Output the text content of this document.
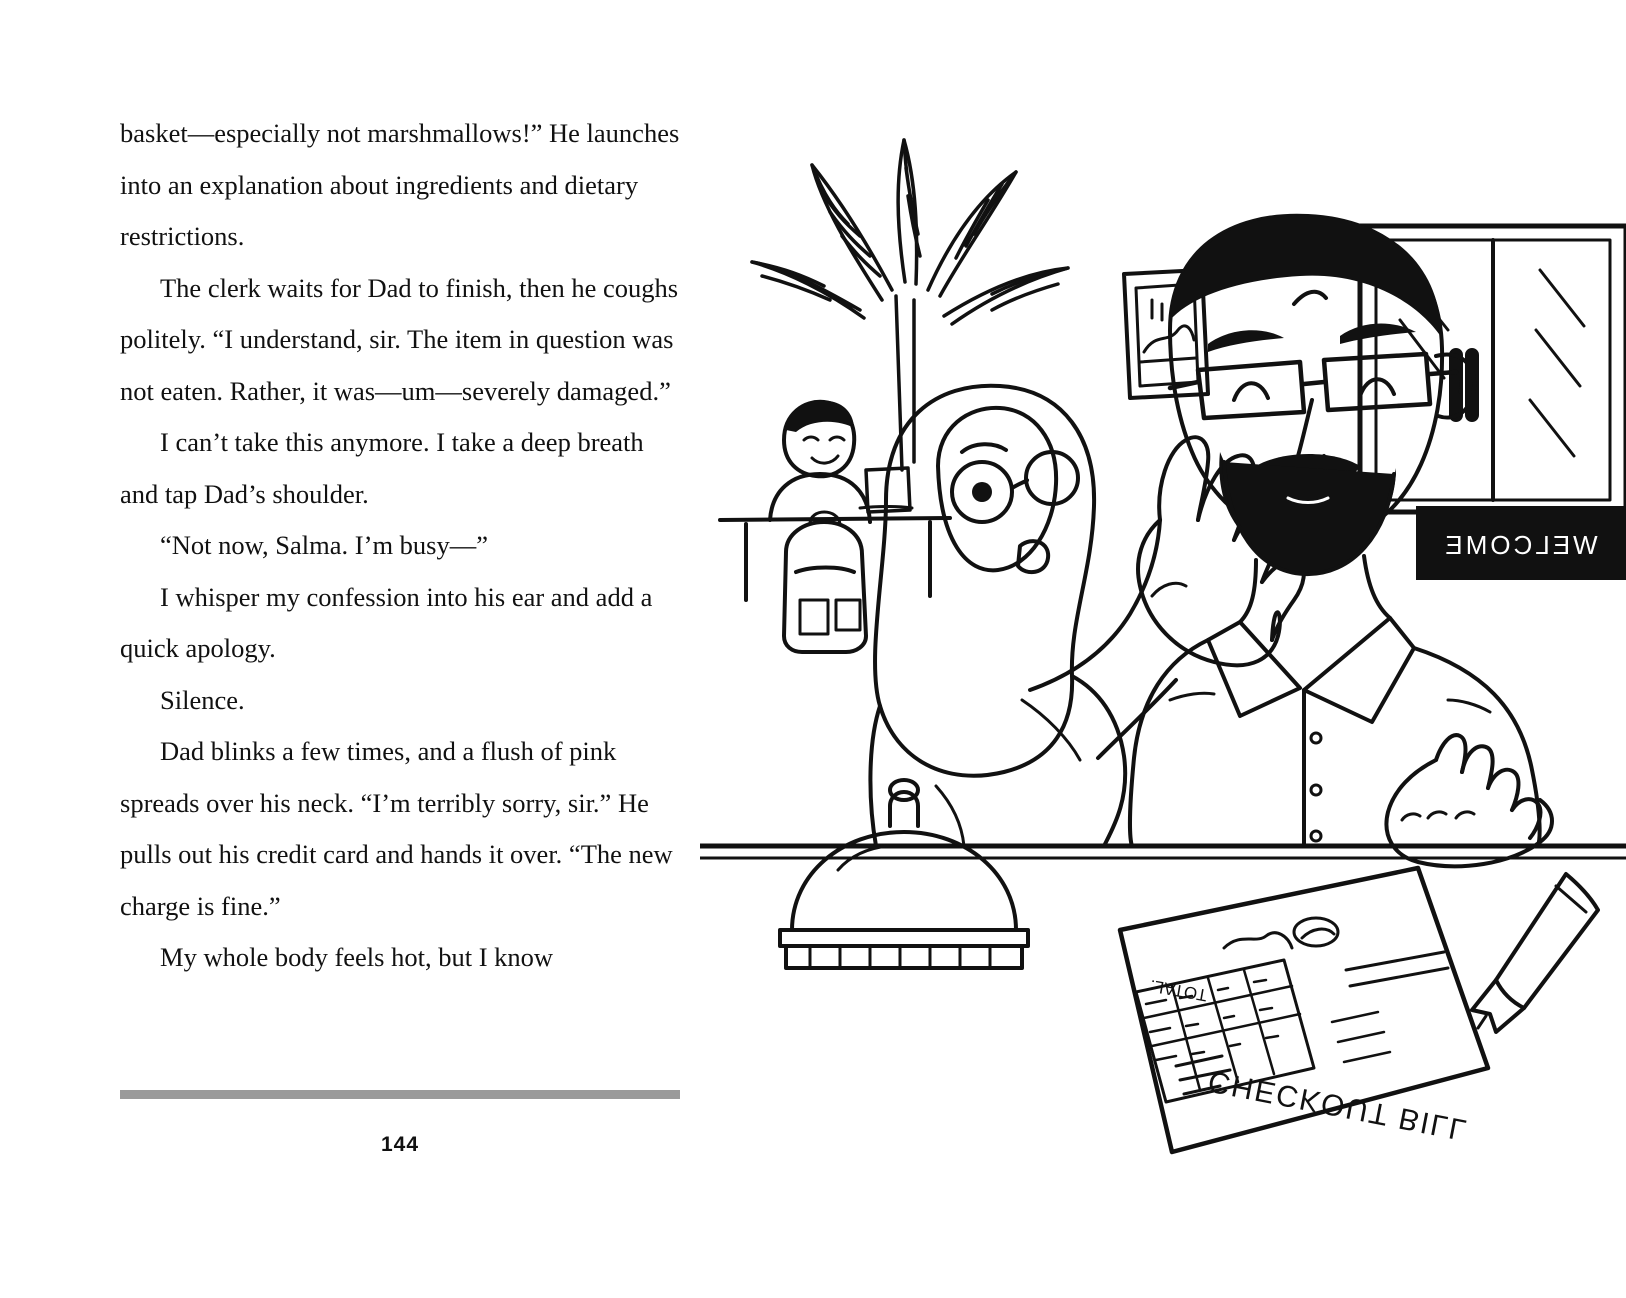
basket—especially not marshmallows!” He launches into an explanation about ingredients and dietary restrictions.

The clerk waits for Dad to finish, then he coughs politely. “I understand, sir. The item in question was not eaten. Rather, it was—um—severely damaged.”

I can’t take this anymore. I take a deep breath and tap Dad’s shoulder.

“Not now, Salma. I’m busy—”

I whisper my confession into his ear and add a quick apology.

Silence.

Dad blinks a few times, and a flush of pink spreads over his neck. “I’m terribly sorry, sir.” He pulls out his credit card and hands it over. “The new charge is fine.”

My whole body feels hot, but I know

144
WELCOME
TOTAL:
CHECKOUT BILL
